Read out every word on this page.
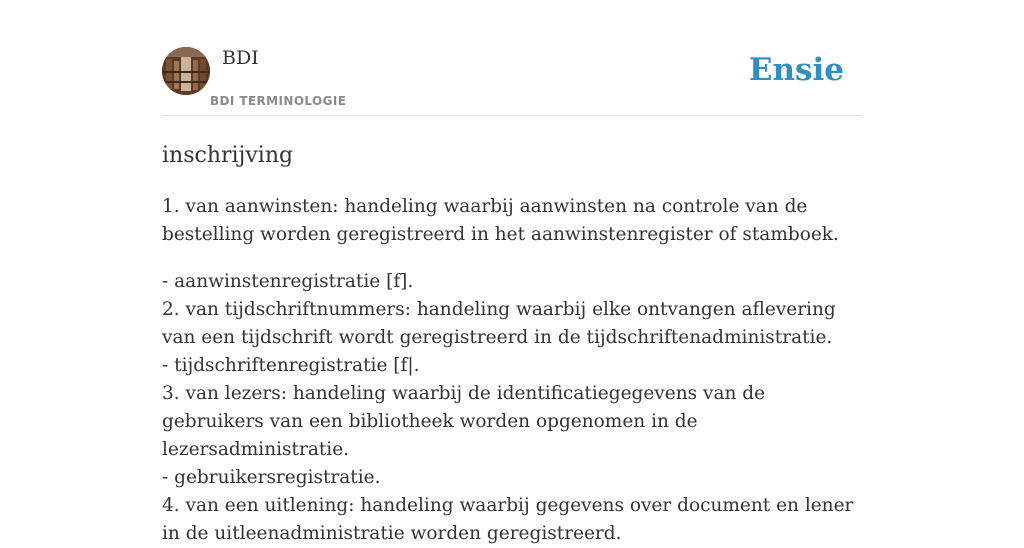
BDI
BDI TERMINOLOGIE
Ensie
inschrijving

1. van aanwinsten: handeling waarbij aanwinsten na controle van de bestelling worden geregistreerd in het aanwinstenregister of stamboek.

- aanwinstenregistratie [f].
2. van tijdschriftnummers: handeling waarbij elke ontvangen aflevering van een tijdschrift wordt geregistreerd in de tijdschriftenadministratie.
- tijdschriftenregistratie [f|.
3. van lezers: handeling waarbij de identificatiegegevens van de gebruikers van een bibliotheek worden opgenomen in de lezersadministratie.
- gebruikersregistratie.
4. van een uitlening: handeling waarbij gegevens over document en lener in de uitleenadministratie worden geregistreerd.
